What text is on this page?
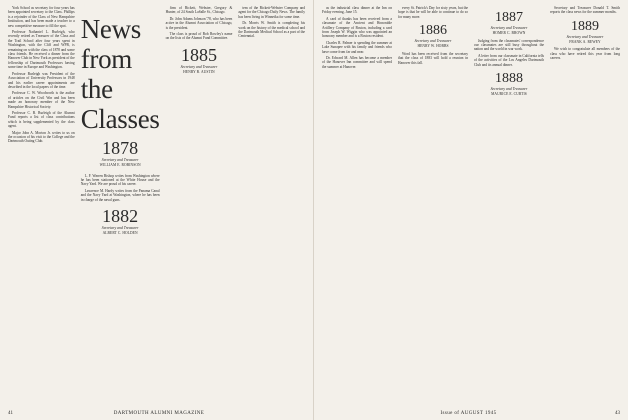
York School as secretary for four years has been appointed secretary to the Class. Phillips is a rejoinder of the Class of New Hampshire Institution, and has been made a teacher to a new competitive measure to fill the spot.

Professor Nathaniel L. Burleigh, who recently retired as Treasurer of the Class and the Trail School after four years spent in Washington, with the Cliff and WPB, is remaining on with the class of 1878 and some class friends. He received a dinner from the Hanover Club in New York as president of the fellowship of Dartmouth Professors having some time in Europe and Washington.

Professor Burleigh was President of the Association of University Professors in 1948 and his earlier career appointments are described in the local papers of the time.

Professor C. W. Woodworth is the author of articles on the Civil War and has been made an honorary member of the New Hampshire Historical Society.

Professor C. B. Burleigh of the Alumni Fund reports a list of class contributions which is being supplemented by the class agent.

Major John A. Morton Jr. writes to us on the occasion of his visit to the College and the Dartmouth Outing Club.

News from the Classes
1878
Secretary and Treasurer
WILLIAM E. ROBINSON

L. F. Warren Bishop writes from Washington where he has been stationed at the White House and the Navy Yard. We are proud of his career.

Lawrence M. Hardy writes from the Panama Canal and the Navy Yard at Washington, where he has been in charge of the naval guns.

1882
Secretary and Treasurer
ALBERT C. HOLDEN

firm of Bickett, Webster, Gregory & Hunter, of 24 South LaSalle St., Chicago.

Dr. John Adams Johnson '78, who has been active in the Alumni Association of Chicago, is the president.

The class is proud of Bob Rowley's name on the lists of the Alumni Fund Committee.

1885
Secretary and Treasurer
HENRY B. AUSTIN

tem of the Bickett-Webster Company and agent for the Chicago Daily News. The family has been living in Winnetka for some time.

Dr. Morris W. Smith is completing his work on the history of the medical school and the Dartmouth Medical School as a part of the Centennial.

41	DARTMOUTH ALUMNI MAGAZINE

as the industrial class dinner at the Inn on Friday evening, June 15.

A card of thanks has been received from a classmate of the Ancient and Honorable Artillery Company of Boston, including a card from Joseph W. Wiggin who was appointed an honorary member and is a Boston resident.

Charles R. Palmer is spending the summer at Lake Sunapee with his family and friends who have come from far and near.

Dr. Edward M. Allen has become a member of the Hanover Inn committee and will spend the summer at Hanover.

every St. Patrick's Day for sixty years, but the hope is that he will be able to continue to do so for many more.

1886
Secretary and Treasurer
HENRY W. HOBBS

Word has been received from the secretary that the class of 1883 will hold a reunion in Hanover this fall.

1887
Secretary and Treasurer
HOMER C. BROWN

Judging from the classmates' correspondence our classmates are still busy throughout the nation and the world in war work.

A letter from our classmate in California tells of the activities of the Los Angeles Dartmouth Club and its annual dinner.

1888
Secretary and Treasurer
MAURICE E. CURTIS

Secretary and Treasurer Donald T. Smith reports the class news for the summer months.

1889
Secretary and Treasurer
FRANK A. REWEY

We wish to congratulate all members of the class who have retired this year from long careers.

Issue of AUGUST 1945	43
